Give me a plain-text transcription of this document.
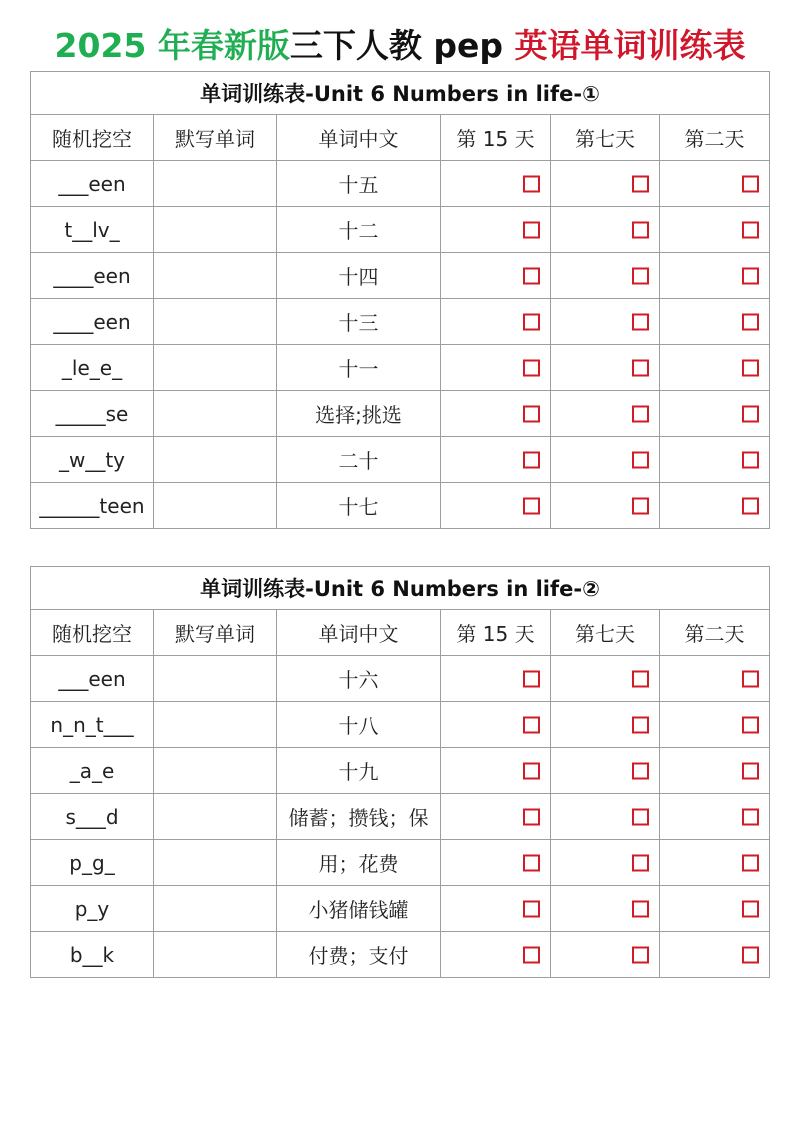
2025 年春新版三下人教 pep 英语单词训练表
单词训练表-Unit 6 Numbers in life-①					
随机挖空	默写单词	单词中文	第 15 天	第七天	第二天
___een		十五	

t__lv_		十二	

____een		十四	

____een		十三	

_le_e_		十一	

_____se		选择;挑选	

_w__ty		二十	

______teen		十七	

单词训练表-Unit 6 Numbers in life-②					
随机挖空	默写单词	单词中文	第 15 天	第七天	第二天
___een		十六	

n_n_t___		十八	

_a_e		十九	

s___d		储蓄；攒钱；保	

p_g_		用；花费	

p_y		小猪储钱罐	

b__k		付费；支付	
